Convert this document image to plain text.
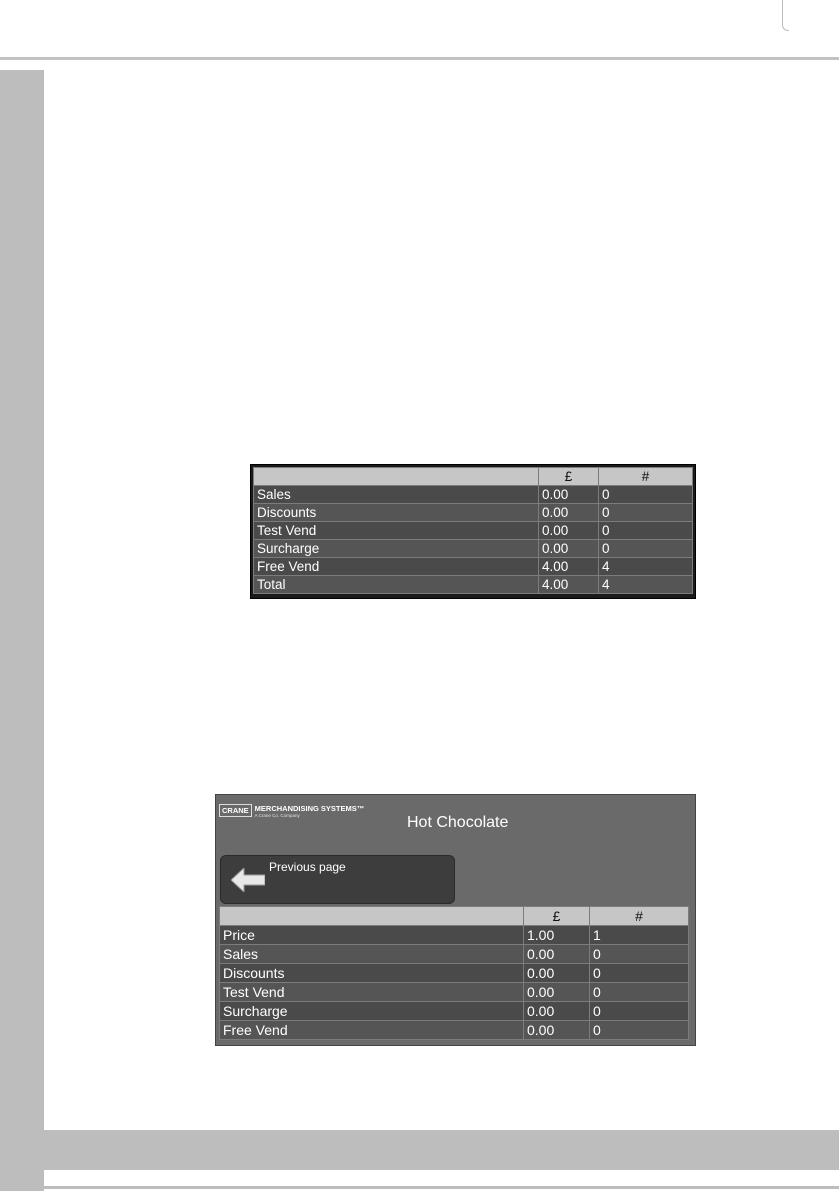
	£	#
Sales	0.00	0
Discounts	0.00	0
Test Vend	0.00	0
Surcharge	0.00	0
Free Vend	4.00	4
Total	4.00	4
CRANE MERCHANDISING SYSTEMS™
A Crane Co. Company	Hot Chocolate
Previous page
	£	#
Price	1.00	1
Sales	0.00	0
Discounts	0.00	0
Test Vend	0.00	0
Surcharge	0.00	0
Free Vend	0.00	0
